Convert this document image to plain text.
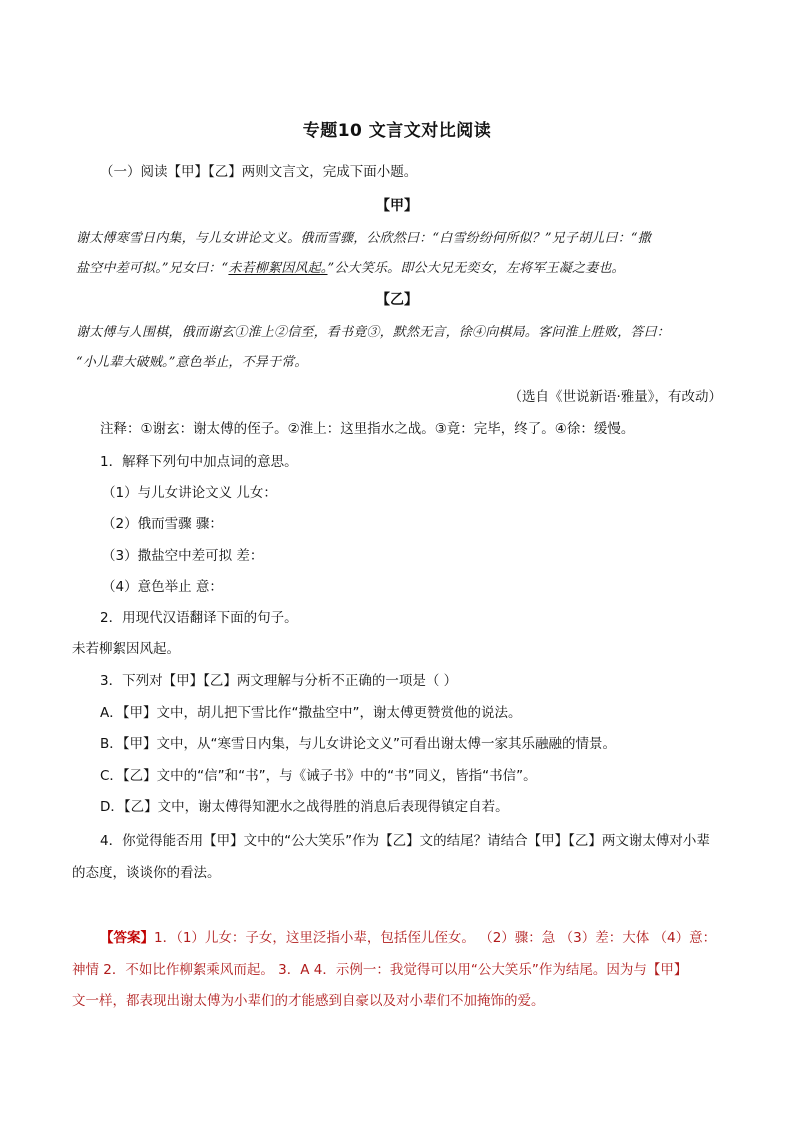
专题10 文言文对比阅读
（一）阅读【甲】【乙】两则文言文，完成下面小题。
【甲】
谢太傅寒雪日内集，与儿女讲论文义。俄而雪骤，公欣然曰：“白雪纷纷何所似？”兄子胡儿曰：“撒
盐空中差可拟。”兄女曰：“未若柳絮因风起。”公大笑乐。即公大兄无奕女，左将军王凝之妻也。
【乙】
谢太傅与人围棋，俄而谢玄①淮上②信至，看书竟③，默然无言，徐④向棋局。客问淮上胜败，答曰：
“小儿辈大破贼。”意色举止，不异于常。
（选自《世说新语·雅量》，有改动）
注释：①谢玄：谢太傅的侄子。②淮上：这里指水之战。③竟：完毕，终了。④徐：缓慢。
1．解释下列句中加点词的意思。
（1）与儿女讲论文义 儿女：
（2）俄而雪骤 骤：
（3）撒盐空中差可拟 差：
（4）意色举止 意：
2．用现代汉语翻译下面的句子。
未若柳絮因风起。
3．下列对【甲】【乙】两文理解与分析不正确的一项是（ ）
A．【甲】文中，胡儿把下雪比作“撒盐空中”，谢太傅更赞赏他的说法。
B．【甲】文中，从“寒雪日内集，与儿女讲论文义”可看出谢太傅一家其乐融融的情景。
C．【乙】文中的“信”和“书”，与《诫子书》中的“书”同义，皆指“书信”。
D．【乙】文中，谢太傅得知淝水之战得胜的消息后表现得镇定自若。
4．你觉得能否用【甲】文中的“公大笑乐”作为【乙】文的结尾？请结合【甲】【乙】两文谢太傅对小辈
的态度，谈谈你的看法。
【答案】1．（1）儿女：子女，这里泛指小辈，包括侄儿侄女。 （2）骤：急 （3）差：大体 （4）意：
神情 2．不如比作柳絮乘风而起。 3．A 4．示例一：我觉得可以用“公大笑乐”作为结尾。因为与【甲】
文一样，都表现出谢太傅为小辈们的才能感到自豪以及对小辈们不加掩饰的爱。
